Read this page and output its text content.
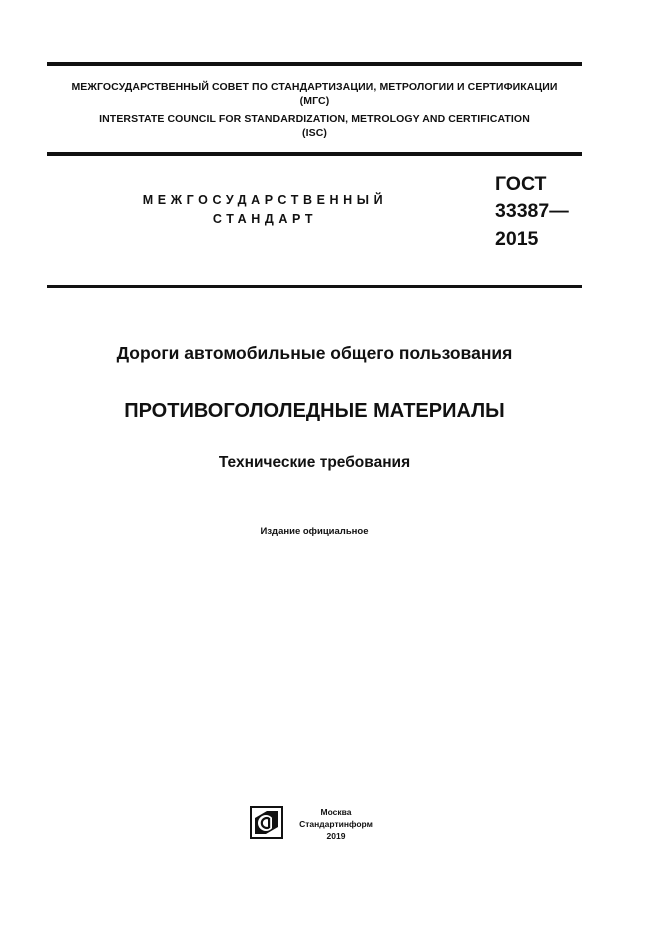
МЕЖГОСУДАРСТВЕННЫЙ СОВЕТ ПО СТАНДАРТИЗАЦИИ, МЕТРОЛОГИИ И СЕРТИФИКАЦИИ
(МГС)
INTERSTATE COUNCIL FOR STANDARDIZATION, METROLOGY AND CERTIFICATION
(ISC)
МЕЖГОСУДАРСТВЕННЫЙ
СТАНДАРТ
ГОСТ
33387—
2015
Дороги автомобильные общего пользования
ПРОТИВОГОЛОЛЕДНЫЕ МАТЕРИАЛЫ
Технические требования
Издание официальное
Москва
Стандартинформ
2019
